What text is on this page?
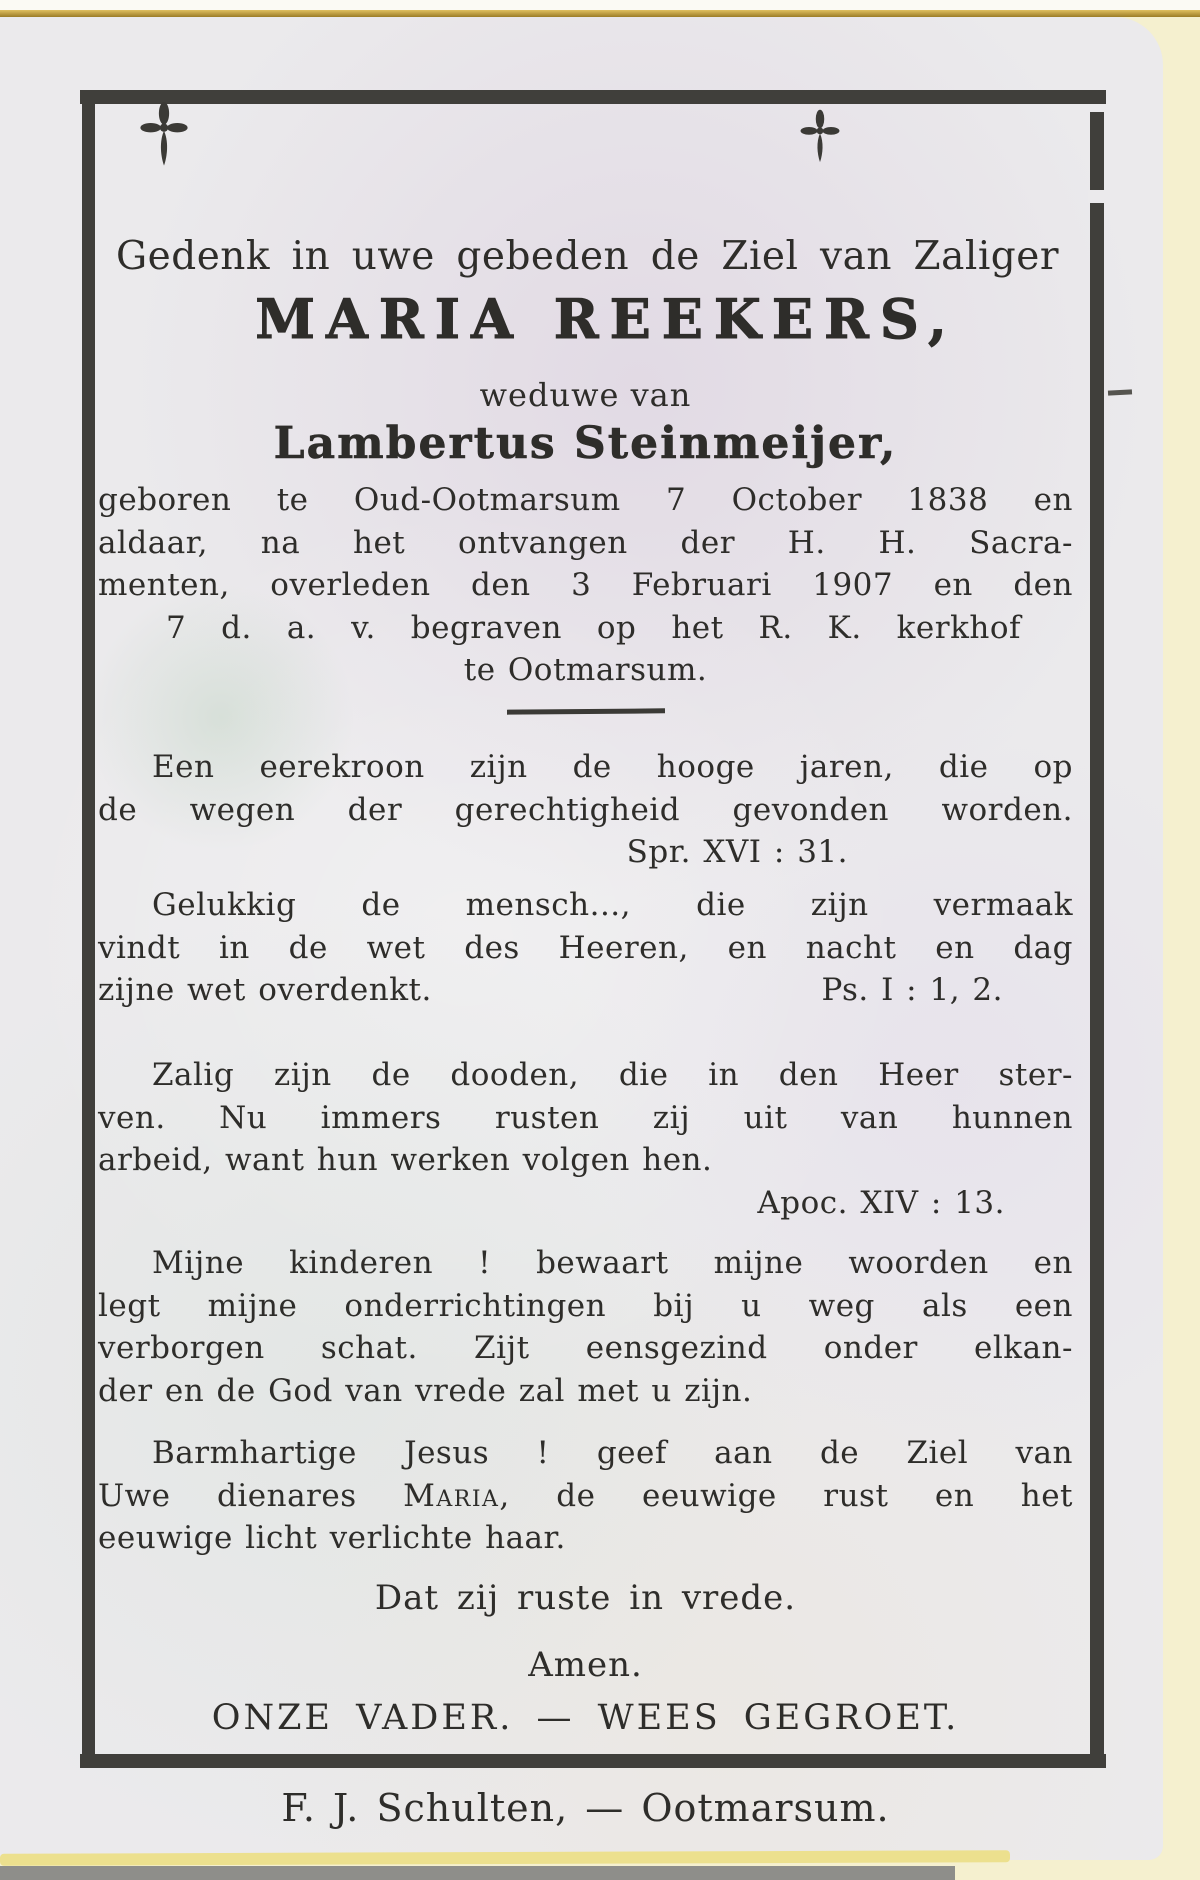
Gedenk in uwe gebeden de Ziel van Zaliger
MARIA REEKERS,
weduwe van
Lambertus Steinmeijer,
geboren te Oud-Ootmarsum 7 October 1838 en
aldaar, na het ontvangen der H. H. Sacra-
menten, overleden den 3 Februari 1907 en den
7 d. a. v. begraven op het R. K. kerkhof
te Ootmarsum.
Een eerekroon zijn de hooge jaren, die op
de wegen der gerechtigheid gevonden worden.
Spr. XVI : 31.
Gelukkig de mensch..., die zijn vermaak
vindt in de wet des Heeren, en nacht en dag
zijne wet overdenkt.	Ps. I : 1, 2.
Zalig zijn de dooden, die in den Heer ster-
ven. Nu immers rusten zij uit van hunnen
arbeid, want hun werken volgen hen.
Apoc. XIV : 13.
Mijne kinderen ! bewaart mijne woorden en
legt mijne onderrichtingen bij u weg als een
verborgen schat. Zijt eensgezind onder elkan-
der en de God van vrede zal met u zijn.
Barmhartige Jesus ! geef aan de Ziel van
Uwe dienares Maria, de eeuwige rust en het
eeuwige licht verlichte haar.
Dat zij ruste in vrede.
Amen.
ONZE VADER. — WEES GEGROET.
F. J. Schulten, — Ootmarsum.
